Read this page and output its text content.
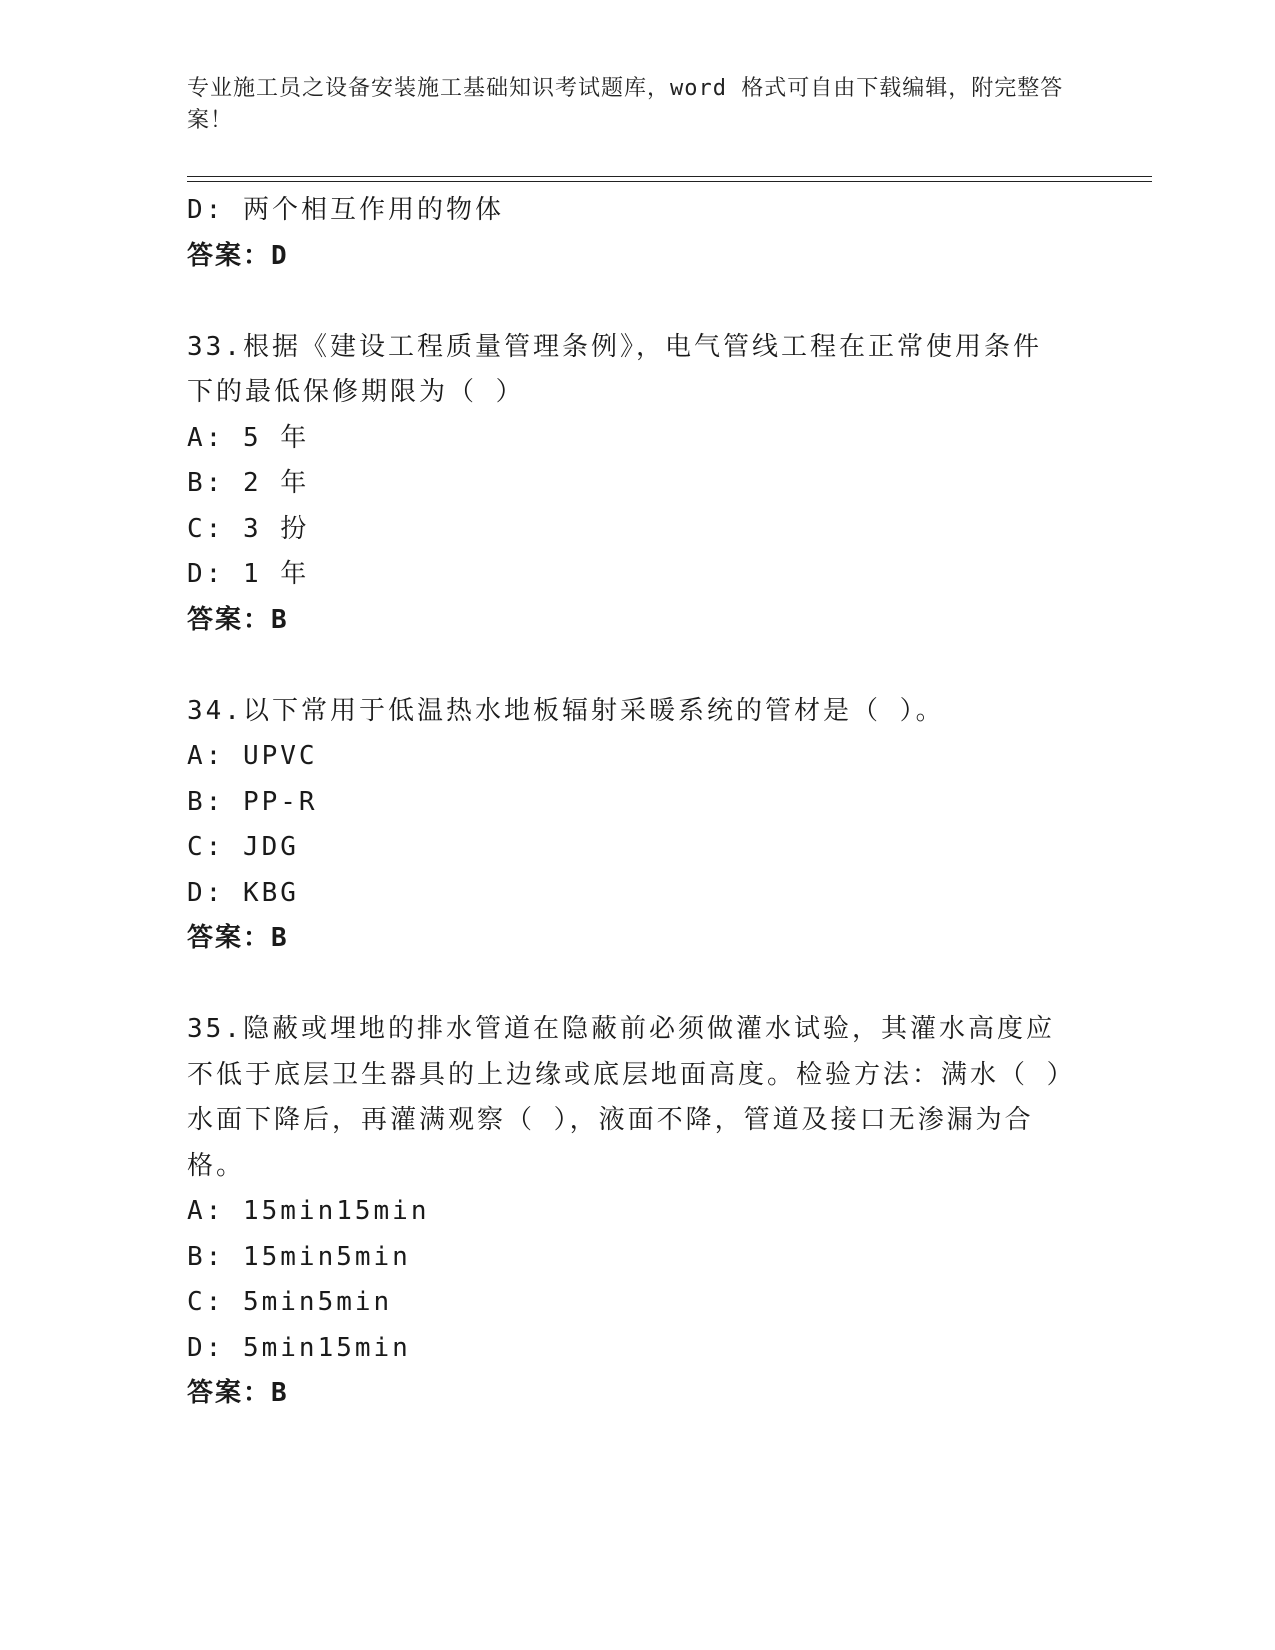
专业施工员之设备安装施工基础知识考试题库，word 格式可自由下载编辑，附完整答案！
D: 两个相互作用的物体
答案：D
33.根据《建设工程质量管理条例》，电气管线工程在正常使用条件下的最低保修期限为（ ）
A: 5 年
B: 2 年
C: 3 扮
D: 1 年
答案：B
34.以下常用于低温热水地板辐射采暖系统的管材是（ ）。
A: UPVC
B: PP-R
C: JDG
D: KBG
答案：B
35.隐蔽或埋地的排水管道在隐蔽前必须做灌水试验，其灌水高度应不低于底层卫生器具的上边缘或底层地面高度。检验方法：满水（ ）水面下降后，再灌满观察（ ），液面不降，管道及接口无渗漏为合格。
A: 15min15min
B: 15min5min
C: 5min5min
D: 5min15min
答案：B
